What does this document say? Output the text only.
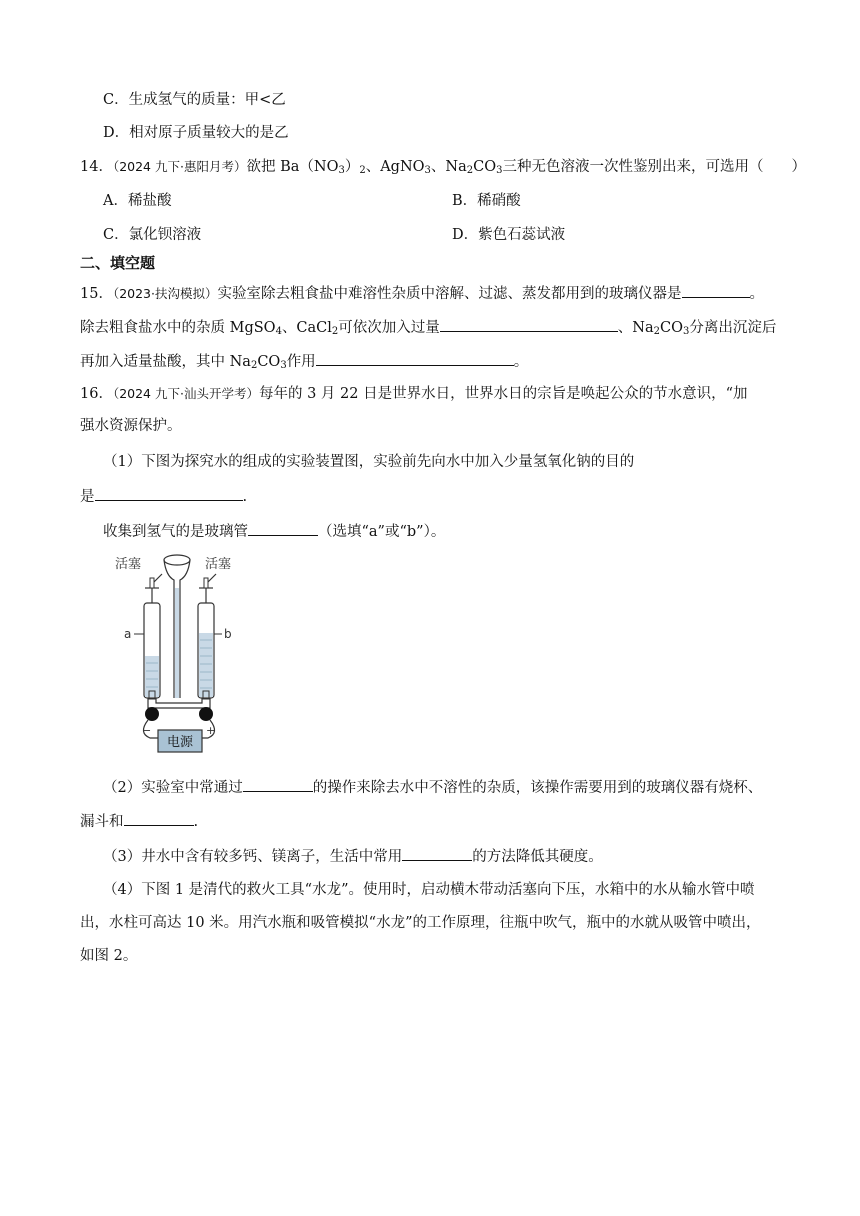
C．生成氢气的质量：甲<乙
D．相对原子质量较大的是乙
14．（2024 九下·惠阳月考）欲把 $Ba(NO_3)_2$、AgNO$_3$、$Na_2CO_3$三种无色溶液一次性鉴别出来，可选用（ ）
A．稀盐酸	B．稀硝酸
C．氯化钡溶液	D．紫色石蕊试液
二、填空题
15．（2023·扶沟模拟）实验室除去粗食盐中难溶性杂质中溶解、过滤、蒸发都用到的玻璃仪器是	。
除去粗食盐水中的杂质 MgSO$_4$、CaCl$_2$可依次加入过量	、$Na_2CO_3$分离出沉淀后
再加入适量盐酸，其中 $Na_2CO_3$作用	。
16．（2024 九下·汕头开学考）每年的 3 月 22 日是世界水日，世界水日的宗旨是唤起公众的节水意识，“加
强水资源保护。
（1）下图为探究水的组成的实验装置图，实验前先向水中加入少量氢氧化钠的目的
是	.
收集到氢气的是玻璃管	（选填“a”或“b”）。
活塞	活塞
a	b
−	+
电源
（2）实验室中常通过	的操作来除去水中不溶性的杂质，该操作需要用到的玻璃仪器有烧杯、
漏斗和	.
（3）井水中含有较多钙、镁离子，生活中常用	的方法降低其硬度。
（4）下图 1 是清代的救火工具“水龙”。使用时，启动横木带动活塞向下压，水箱中的水从输水管中喷
出，水柱可高达 10 米。用汽水瓶和吸管模拟“水龙”的工作原理，往瓶中吹气，瓶中的水就从吸管中喷出，
如图 2。
